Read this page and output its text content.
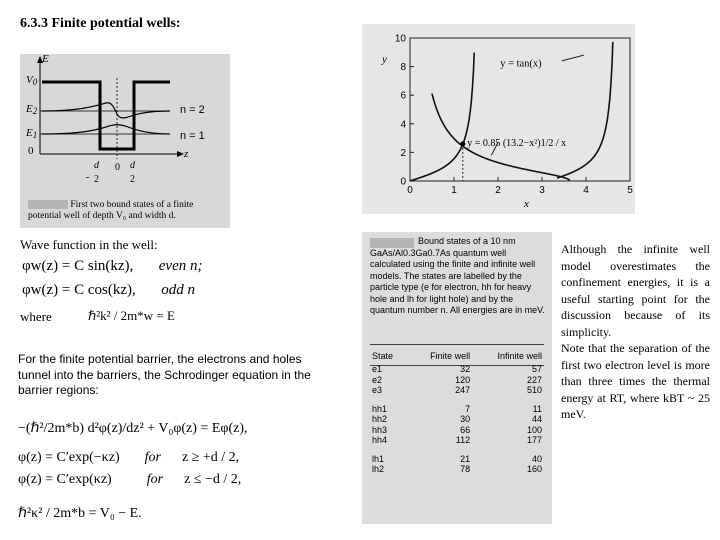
6.3.3 Finite potential wells:
E
V0
E2
E1
0
n = 2
n = 1
z
-
d
2
0 d
2
First two bound states of a finite
potential well of depth V₀ and width d.
Wave function in the well:
φw(z) = C sin(kz), even n;
φw(z) = C cos(kz), odd n
where	ℏ²k² / 2m*w = E
For the finite potential barrier, the electrons and holes tunnel into the barriers, the Schrodinger equation in the barrier regions:
−(ℏ²/2m*b) d²φ(z)/dz² + V₀φ(z) = Eφ(z),
φ(z) = C′exp(−κz) for z ≥ +d / 2,
φ(z) = C′exp(κz)	for z ≤ −d / 2,
ℏ²κ² / 2m*b = V₀ − E.
0	1	2	3	4	5
0
2
4
6
8
10
x
y	y = tan(x)
y = 0.85 (13.2−x²)1/2 / x
Bound states of a 10 nm GaAs/Al0.3Ga0.7As quantum well calculated using the finite and infinite well models. The states are labelled by the particle type (e for electron, hh for heavy hole and lh for light hole) and by the quantum number n. All energies are in meV.
State	Finite well	Infinite well
e1	32	57
e2	120	227
e3	247	510

hh1	7	11
hh2	30	44
hh3	66	100
hh4	112	177

lh1	21	40
lh2	78	160
Although the infinite well model overestimates the confinement energies, it is a useful starting point for the discussion because of its simplicity.
Note that the separation of the first two electron level is more than three times the thermal energy at RT, where kBT ~ 25 meV.
